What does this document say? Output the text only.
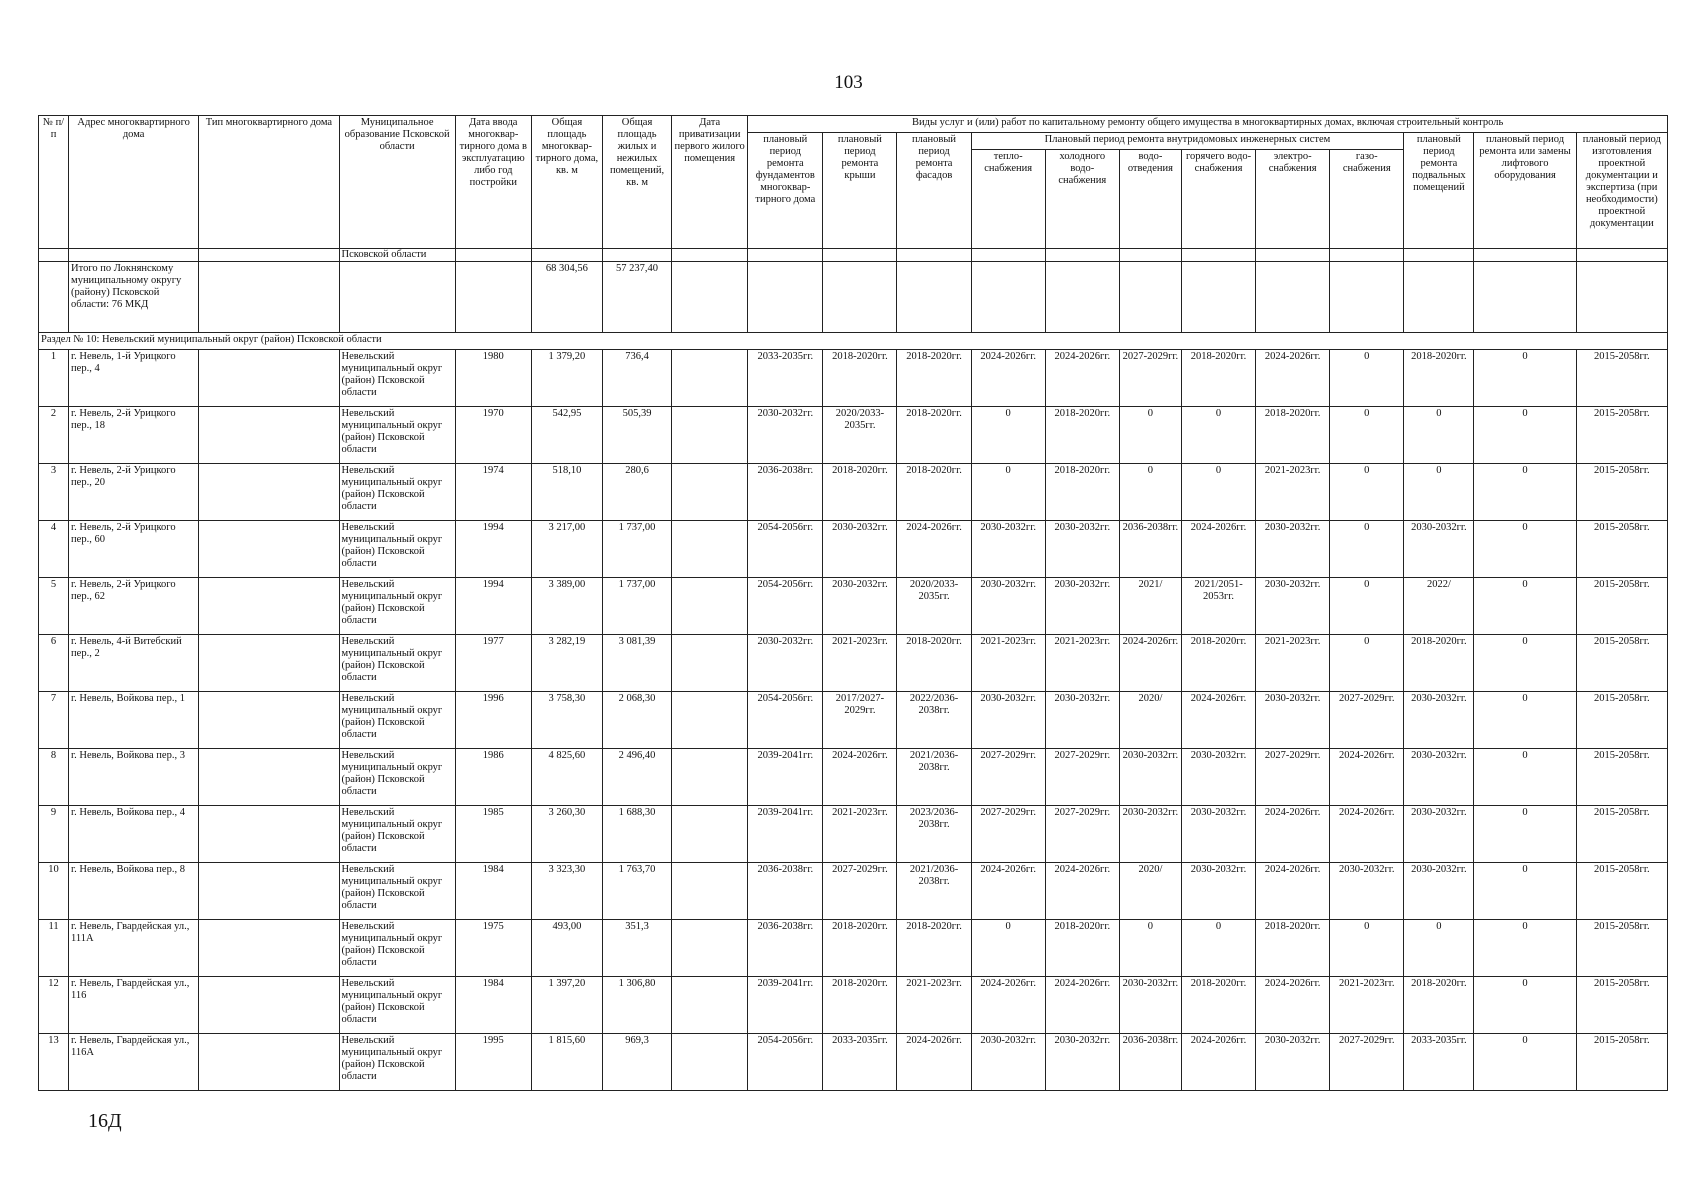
103
№ п/п	Адрес многоквартирного дома	Тип многоквартирного дома	Муниципальное образование Псковской области	Дата ввода многоквар-тирного дома в эксплуатацию либо год постройки	Общая площадь многоквар-тирного дома, кв. м	Общая площадь жилых и нежилых помещений, кв. м	Дата приватизации первого жилого помещения	Виды услуг и (или) работ по капитальному ремонту общего имущества в многоквартирных домах, включая строительный контроль											
								плановый период ремонта фундаментов многоквар-тирного дома	плановый период ремонта крыши	плановый период ремонта фасадов	Плановый период ремонта внутридомовых инженерных систем						плановый период ремонта подвальных помещений	плановый период ремонта или замены лифтового оборудования	плановый период изготовления проектной документации и экспертиза (при необходимости) проектной документации
											тепло-снабжения	холодного водо-снабжения	водо-отведения	горячего водо-снабжения	электро-снабжения	газо-снабжения			
			Псковской области																
	Итого по Локнянскому муниципальному округу (району) Псковской области: 76 МКД				68 304,56	57 237,40													
Раздел № 10: Невельский муниципальный округ (район) Псковской области																			
1	г. Невель, 1-й Урицкого пер., 4		Невельский муниципальный округ (район) Псковской области	1980	1 379,20	736,4		2033-2035гг.	2018-2020гг.	2018-2020гг.	2024-2026гг.	2024-2026гг.	2027-2029гг.	2018-2020гг.	2024-2026гг.	0	2018-2020гг.	0	2015-2058гг.
2	г. Невель, 2-й Урицкого пер., 18		Невельский муниципальный округ (район) Псковской области	1970	542,95	505,39		2030-2032гг.	2020/2033-2035гг.	2018-2020гг.	0	2018-2020гг.	0	0	2018-2020гг.	0	0	0	2015-2058гг.
3	г. Невель, 2-й Урицкого пер., 20		Невельский муниципальный округ (район) Псковской области	1974	518,10	280,6		2036-2038гг.	2018-2020гг.	2018-2020гг.	0	2018-2020гг.	0	0	2021-2023гг.	0	0	0	2015-2058гг.
4	г. Невель, 2-й Урицкого пер., 60		Невельский муниципальный округ (район) Псковской области	1994	3 217,00	1 737,00		2054-2056гг.	2030-2032гг.	2024-2026гг.	2030-2032гг.	2030-2032гг.	2036-2038гг.	2024-2026гг.	2030-2032гг.	0	2030-2032гг.	0	2015-2058гг.
5	г. Невель, 2-й Урицкого пер., 62		Невельский муниципальный округ (район) Псковской области	1994	3 389,00	1 737,00		2054-2056гг.	2030-2032гг.	2020/2033-2035гг.	2030-2032гг.	2030-2032гг.	2021/	2021/2051-2053гг.	2030-2032гг.	0	2022/	0	2015-2058гг.
6	г. Невель, 4-й Витебский пер., 2		Невельский муниципальный округ (район) Псковской области	1977	3 282,19	3 081,39		2030-2032гг.	2021-2023гг.	2018-2020гг.	2021-2023гг.	2021-2023гг.	2024-2026гг.	2018-2020гг.	2021-2023гг.	0	2018-2020гг.	0	2015-2058гг.
7	г. Невель, Войкова пер., 1		Невельский муниципальный округ (район) Псковской области	1996	3 758,30	2 068,30		2054-2056гг.	2017/2027-2029гг.	2022/2036-2038гг.	2030-2032гг.	2030-2032гг.	2020/	2024-2026гг.	2030-2032гг.	2027-2029гг.	2030-2032гг.	0	2015-2058гг.
8	г. Невель, Войкова пер., 3		Невельский муниципальный округ (район) Псковской области	1986	4 825,60	2 496,40		2039-2041гг.	2024-2026гг.	2021/2036-2038гг.	2027-2029гг.	2027-2029гг.	2030-2032гг.	2030-2032гг.	2027-2029гг.	2024-2026гг.	2030-2032гг.	0	2015-2058гг.
9	г. Невель, Войкова пер., 4		Невельский муниципальный округ (район) Псковской области	1985	3 260,30	1 688,30		2039-2041гг.	2021-2023гг.	2023/2036-2038гг.	2027-2029гг.	2027-2029гг.	2030-2032гг.	2030-2032гг.	2024-2026гг.	2024-2026гг.	2030-2032гг.	0	2015-2058гг.
10	г. Невель, Войкова пер., 8		Невельский муниципальный округ (район) Псковской области	1984	3 323,30	1 763,70		2036-2038гг.	2027-2029гг.	2021/2036-2038гг.	2024-2026гг.	2024-2026гг.	2020/	2030-2032гг.	2024-2026гг.	2030-2032гг.	2030-2032гг.	0	2015-2058гг.
11	г. Невель, Гвардейская ул., 111А		Невельский муниципальный округ (район) Псковской области	1975	493,00	351,3		2036-2038гг.	2018-2020гг.	2018-2020гг.	0	2018-2020гг.	0	0	2018-2020гг.	0	0	0	2015-2058гг.
12	г. Невель, Гвардейская ул., 116		Невельский муниципальный округ (район) Псковской области	1984	1 397,20	1 306,80		2039-2041гг.	2018-2020гг.	2021-2023гг.	2024-2026гг.	2024-2026гг.	2030-2032гг.	2018-2020гг.	2024-2026гг.	2021-2023гг.	2018-2020гг.	0	2015-2058гг.
13	г. Невель, Гвардейская ул., 116А		Невельский муниципальный округ (район) Псковской области	1995	1 815,60	969,3		2054-2056гг.	2033-2035гг.	2024-2026гг.	2030-2032гг.	2030-2032гг.	2036-2038гг.	2024-2026гг.	2030-2032гг.	2027-2029гг.	2033-2035гг.	0	2015-2058гг.
16Д
